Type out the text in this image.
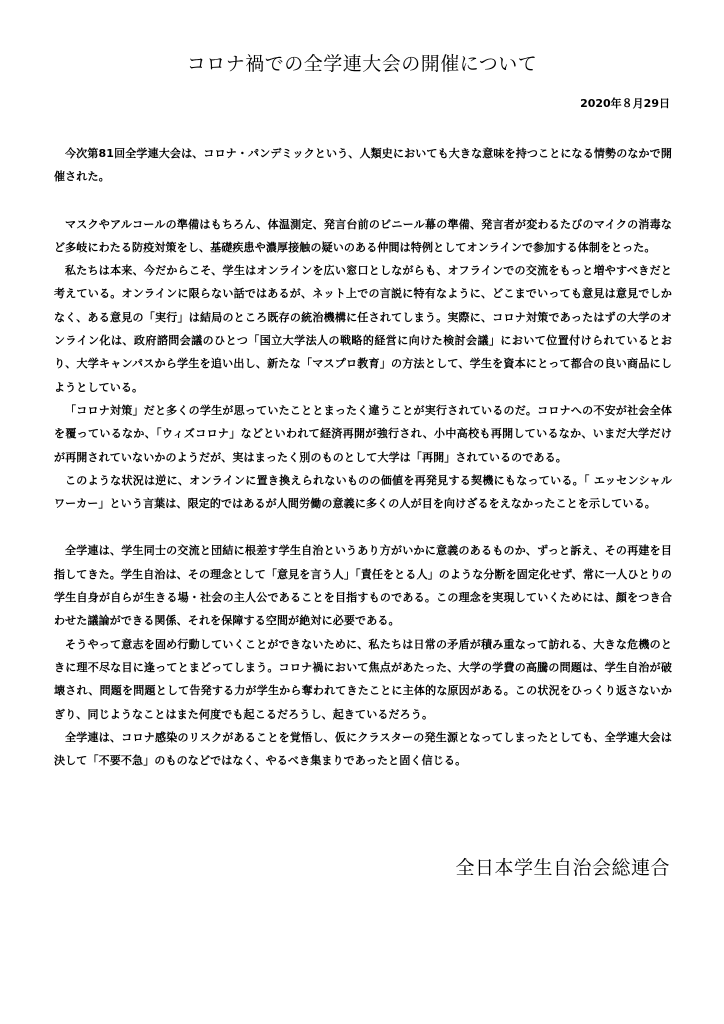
コロナ禍での全学連大会の開催について
2020年８月29日

今次第81回全学連大会は、コロナ・パンデミックという、人類史においても大きな意味を持つことになる情勢のなかで開催された。

マスクやアルコールの準備はもちろん、体温測定、発言台前のビニール幕の準備、発言者が変わるたびのマイクの消毒など多岐にわたる防疫対策をし、基礎疾患や濃厚接触の疑いのある仲間は特例としてオンラインで参加する体制をとった。

私たちは本来、今だからこそ、学生はオンラインを広い窓口としながらも、オフラインでの交流をもっと増やすべきだと考えている。オンラインに限らない話ではあるが、ネット上での言説に特有なように、どこまでいっても意見は意見でしかなく、ある意見の「実行」は結局のところ既存の統治機構に任されてしまう。実際に、コロナ対策であったはずの大学のオンライン化は、政府諮問会議のひとつ「国立大学法人の戦略的経営に向けた検討会議」において位置付けられているとおり、大学キャンパスから学生を追い出し、新たな「マスプロ教育」の方法として、学生を資本にとって都合の良い商品にしようとしている。

「コロナ対策」だと多くの学生が思っていたこととまったく違うことが実行されているのだ。コロナへの不安が社会全体を覆っているなか、「ウィズコロナ」などといわれて経済再開が強行され、小中高校も再開しているなか、いまだ大学だけが再開されていないかのようだが、実はまったく別のものとして大学は「再開」されているのである。

このような状況は逆に、オンラインに置き換えられないものの価値を再発見する契機にもなっている。「 エッセンシャルワーカー」という言葉は、限定的ではあるが人間労働の意義に多くの人が目を向けざるをえなかったことを示している。

全学連は、学生同士の交流と団結に根差す学生自治というあり方がいかに意義のあるものか、ずっと訴え、その再建を目指してきた。学生自治は、その理念として「意見を言う人」「責任をとる人」のような分断を固定化せず、常に一人ひとりの学生自身が自らが生きる場・社会の主人公であることを目指すものである。この理念を実現していくためには、顔をつき合わせた議論ができる関係、それを保障する空間が絶対に必要である。

そうやって意志を固め行動していくことができないために、私たちは日常の矛盾が積み重なって訪れる、大きな危機のときに理不尽な目に逢ってとまどってしまう。コロナ禍において焦点があたった、大学の学費の高騰の問題は、学生自治が破壊され、問題を問題として告発する力が学生から奪われてきたことに主体的な原因がある。この状況をひっくり返さないかぎり、同じようなことはまた何度でも起こるだろうし、起きているだろう。

全学連は、コロナ感染のリスクがあることを覚悟し、仮にクラスターの発生源となってしまったとしても、全学連大会は決して「不要不急」のものなどではなく、やるべき集まりであったと固く信じる。

全日本学生自治会総連合
